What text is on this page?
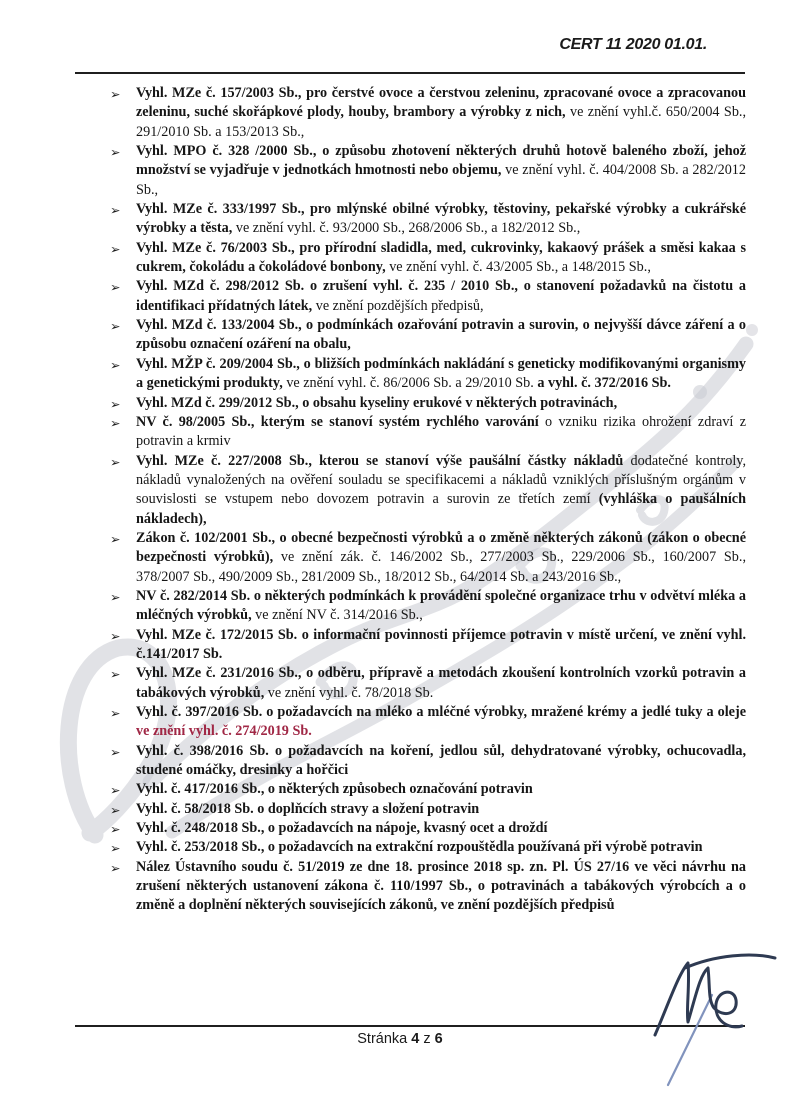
CERT 11 2020 01.01.
➢	Vyhl. MZe č. 157/2003 Sb., pro čerstvé ovoce a čerstvou zeleninu, zpracované ovoce a zpracovanou zeleninu, suché skořápkové plody, houby, brambory a výrobky z nich, ve znění vyhl.č. 650/2004 Sb., 291/2010 Sb. a 153/2013 Sb.,
➢	Vyhl. MPO č. 328 /2000 Sb., o způsobu zhotovení některých druhů hotově baleného zboží, jehož množství se vyjadřuje v jednotkách hmotnosti nebo objemu, ve znění vyhl. č. 404/2008 Sb. a 282/2012 Sb.,
➢	Vyhl. MZe č. 333/1997 Sb., pro mlýnské obilné výrobky, těstoviny, pekařské výrobky a cukrářské výrobky a těsta, ve znění vyhl. č. 93/2000 Sb., 268/2006 Sb., a 182/2012 Sb.,
➢	Vyhl. MZe č. 76/2003 Sb., pro přírodní sladidla, med, cukrovinky, kakaový prášek a směsi kakaa s cukrem, čokoládu a čokoládové bonbony, ve znění vyhl. č. 43/2005 Sb., a 148/2015 Sb.,
➢	Vyhl. MZd č. 298/2012 Sb. o zrušení vyhl. č. 235 / 2010 Sb., o stanovení požadavků na čistotu a identifikaci přídatných látek, ve znění pozdějších předpisů,
➢	Vyhl. MZd č. 133/2004 Sb., o podmínkách ozařování potravin a surovin, o nejvyšší dávce záření a o způsobu označení ozáření na obalu,
➢	Vyhl. MŽP č. 209/2004 Sb., o bližších podmínkách nakládání s geneticky modifikovanými organismy a genetickými produkty, ve znění vyhl. č. 86/2006 Sb. a 29/2010 Sb. a vyhl. č. 372/2016 Sb.
➢	Vyhl. MZd č. 299/2012 Sb., o obsahu kyseliny erukové v některých potravinách,
➢	NV č. 98/2005 Sb., kterým se stanoví systém rychlého varování o vzniku rizika ohrožení zdraví z potravin a krmiv
➢	Vyhl. MZe č. 227/2008 Sb., kterou se stanoví výše paušální částky nákladů dodatečné kontroly, nákladů vynaložených na ověření souladu se specifikacemi a nákladů vzniklých příslušným orgánům v souvislosti se vstupem nebo dovozem potravin a surovin ze třetích zemí (vyhláška o paušálních nákladech),
➢	Zákon č. 102/2001 Sb., o obecné bezpečnosti výrobků a o změně některých zákonů (zákon o obecné bezpečnosti výrobků), ve znění zák. č. 146/2002 Sb., 277/2003 Sb., 229/2006 Sb., 160/2007 Sb., 378/2007 Sb., 490/2009 Sb., 281/2009 Sb., 18/2012 Sb., 64/2014 Sb. a 243/2016 Sb.,
➢	NV č. 282/2014 Sb. o některých podmínkách k provádění společné organizace trhu v odvětví mléka a mléčných výrobků, ve znění NV č. 314/2016 Sb.,
➢	Vyhl. MZe č. 172/2015 Sb. o informační povinnosti příjemce potravin v místě určení, ve znění vyhl. č.141/2017 Sb.
➢	Vyhl. MZe č. 231/2016 Sb., o odběru, přípravě a metodách zkoušení kontrolních vzorků potravin a tabákových výrobků, ve znění vyhl. č. 78/2018 Sb.
➢	Vyhl. č. 397/2016 Sb. o požadavcích na mléko a mléčné výrobky, mražené krémy a jedlé tuky a oleje ve znění vyhl. č. 274/2019 Sb.
➢	Vyhl. č. 398/2016 Sb. o požadavcích na koření, jedlou sůl, dehydratované výrobky, ochucovadla, studené omáčky, dresinky a hořčici
➢	Vyhl. č. 417/2016 Sb., o některých způsobech označování potravin
➢	Vyhl. č. 58/2018 Sb. o doplňcích stravy a složení potravin
➢	Vyhl. č. 248/2018 Sb., o požadavcích na nápoje, kvasný ocet a droždí
➢	Vyhl. č. 253/2018 Sb., o požadavcích na extrakční rozpouštědla používaná při výrobě potravin
➢	Nález Ústavního soudu č. 51/2019 ze dne 18. prosince 2018 sp. zn. Pl. ÚS 27/16 ve věci návrhu na zrušení některých ustanovení zákona č. 110/1997 Sb., o potravinách a tabákových výrobcích a o změně a doplnění některých souvisejících zákonů, ve znění pozdějších předpisů
Stránka 4 z 6
